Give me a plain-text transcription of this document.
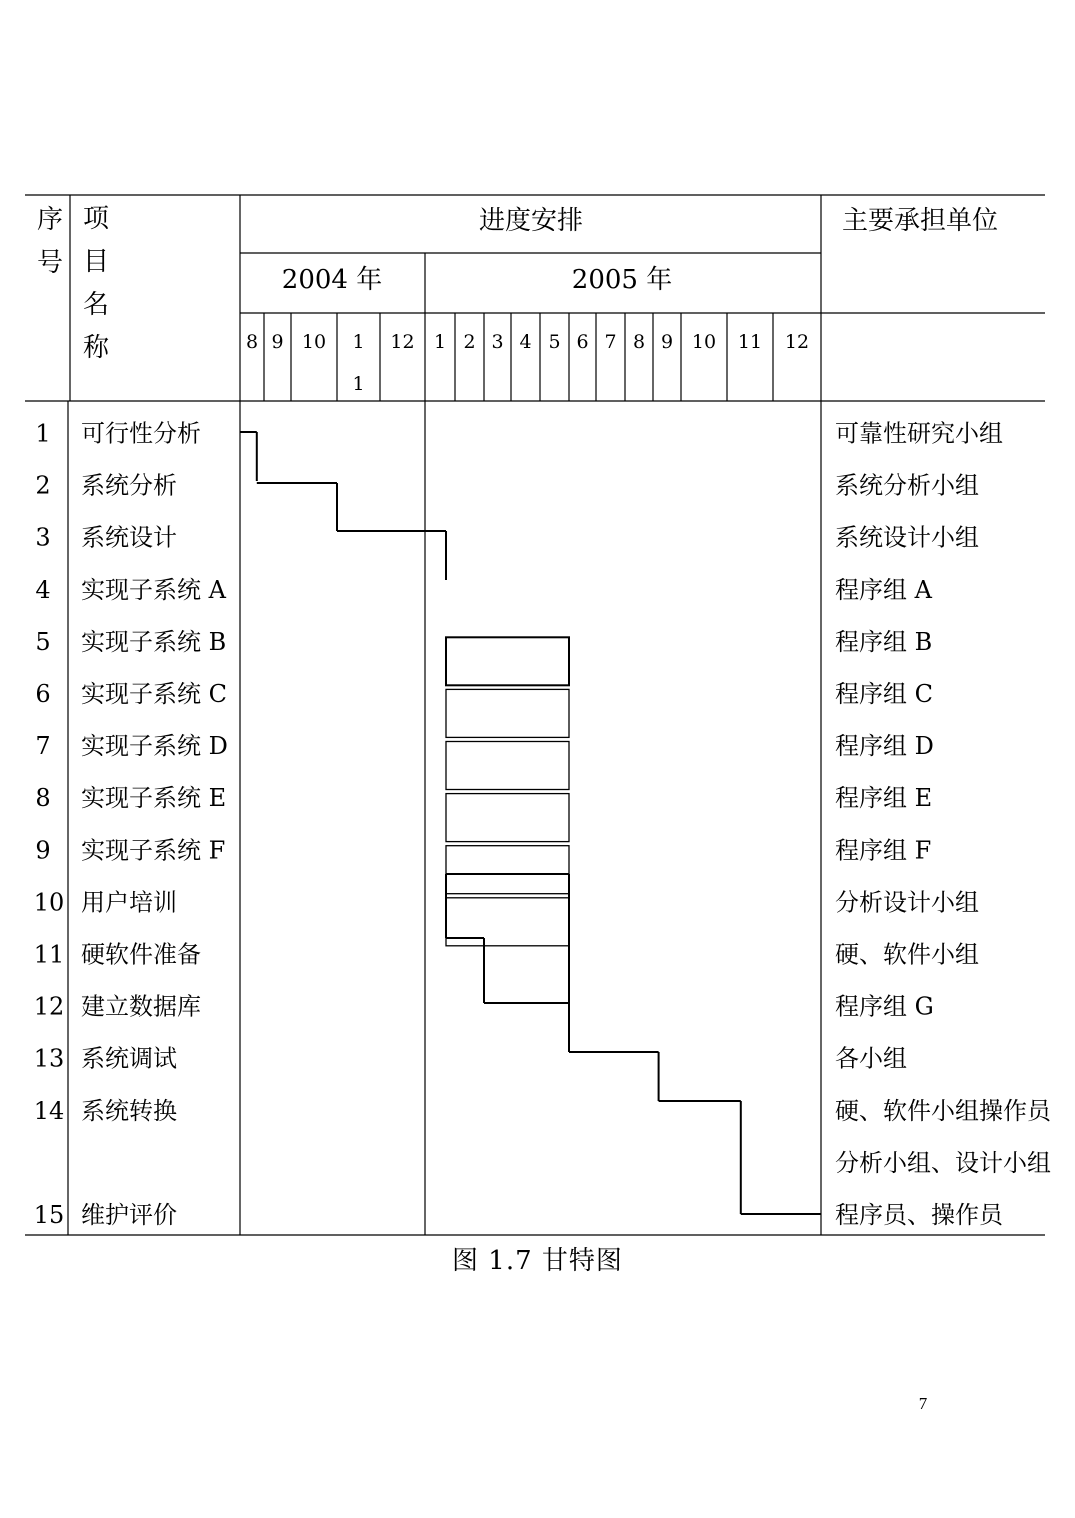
序
号
项
目
名
称
进度安排	主要承担单位
2004 年	2005 年
8 9 10 1
1
12 1 2 3 4 5 6 7 8 9 10 11 12
1 可行性分析	可靠性研究小组
2 系统分析	系统分析小组
3 系统设计	系统设计小组
4 实现子系统 A	程序组 A
5 实现子系统 B	程序组 B
6 实现子系统 C	程序组 C
7 实现子系统 D	程序组 D
8 实现子系统 E	程序组 E
9 实现子系统 F	程序组 F
10 用户培训	分析设计小组
11 硬软件准备	硬、软件小组
12 建立数据库	程序组 G
13 系统调试	各小组
14 系统转换	硬、软件小组操作员
分析小组、设计小组
15 维护评价	程序员、操作员
图 1.7 甘特图
7
